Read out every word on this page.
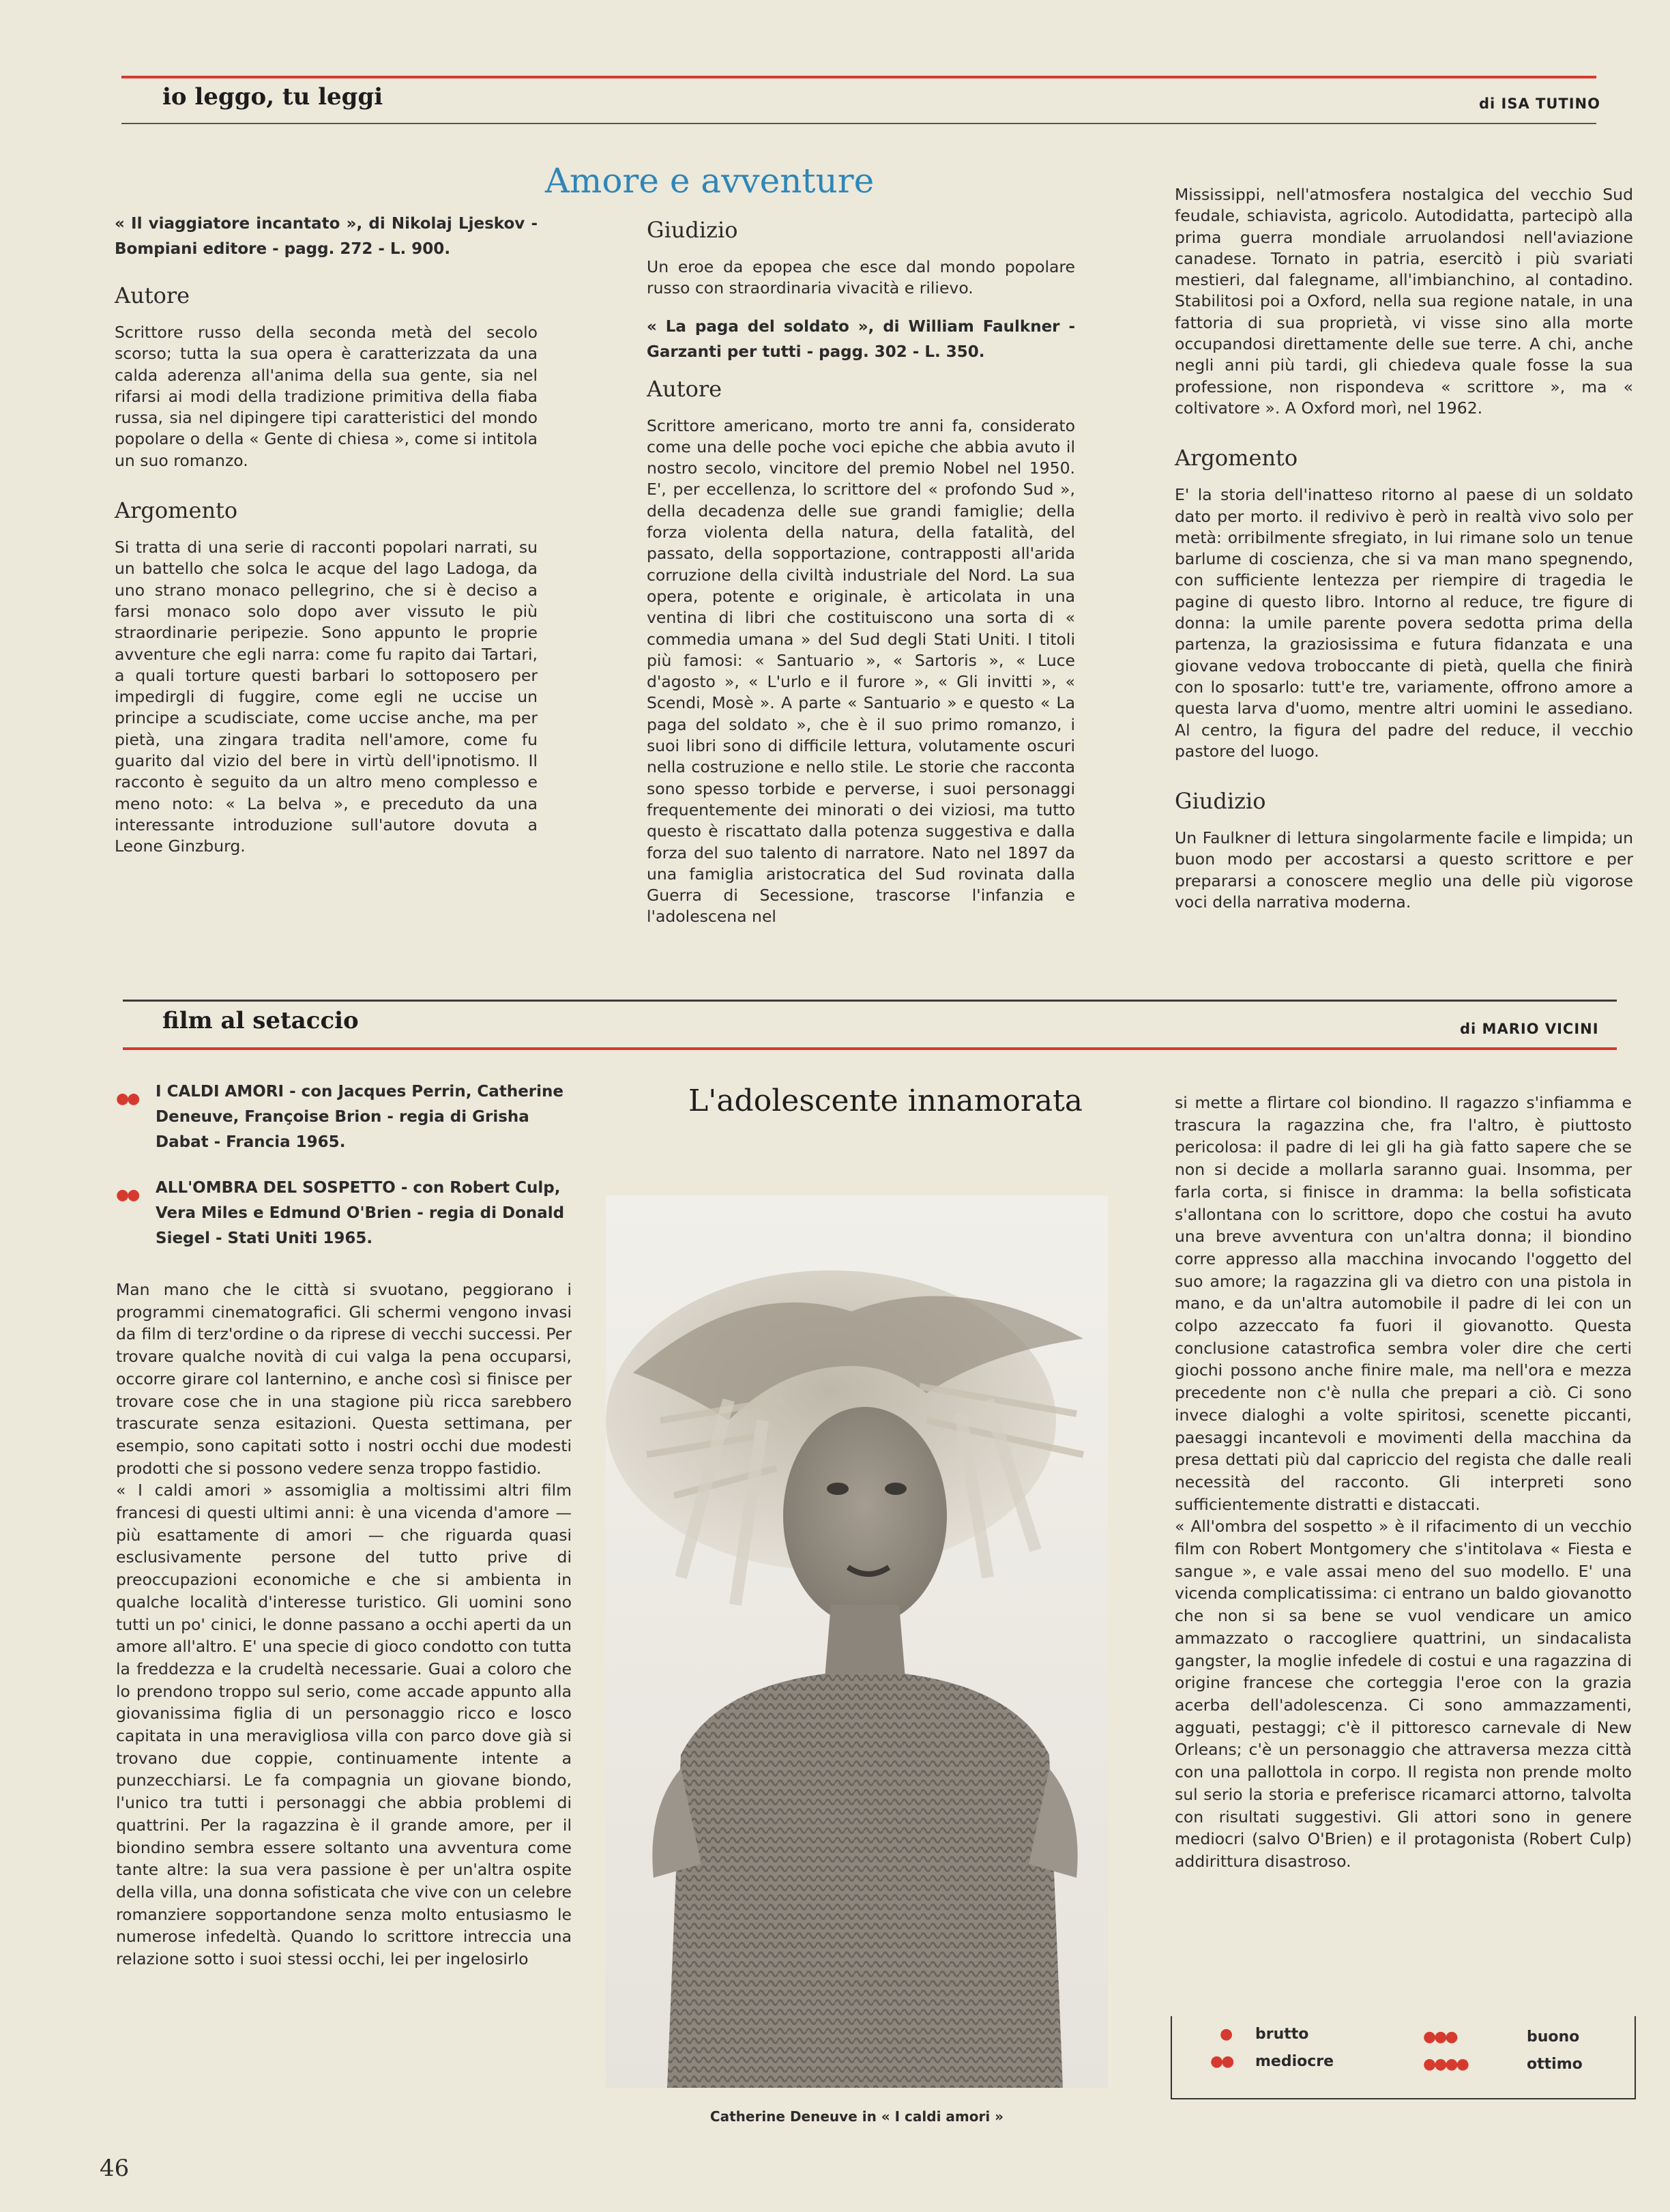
io leggo, tu leggi	di ISA TUTINO
Amore e avventure

« Il viaggiatore incantato », di Nikolaj Ljeskov - Bompiani editore - pagg. 272 - L. 900.

Autore

Scrittore russo della seconda metà del secolo scorso; tutta la sua opera è caratterizzata da una calda aderenza all'anima della sua gente, sia nel rifarsi ai modi della tradizione primitiva della fiaba russa, sia nel dipingere tipi caratteristici del mondo popolare o della « Gente di chiesa », come si intitola un suo romanzo.

Argomento

Si tratta di una serie di racconti popolari narrati, su un battello che solca le acque del lago Ladoga, da uno strano monaco pellegrino, che si è deciso a farsi monaco solo dopo aver vissuto le più straordinarie peripezie. Sono appunto le proprie avventure che egli narra: come fu rapito dai Tartari, a quali torture questi barbari lo sottoposero per impedirgli di fuggire, come egli ne uccise un principe a scudisciate, come uccise anche, ma per pietà, una zingara tradita nell'amore, come fu guarito dal vizio del bere in virtù dell'ipnotismo. Il racconto è seguito da un altro meno complesso e meno noto: « La belva », e preceduto da una interessante introduzione sull'autore dovuta a Leone Ginzburg.

Giudizio

Un eroe da epopea che esce dal mondo popolare russo con straordinaria vivacità e rilievo.

« La paga del soldato », di William Faulkner - Garzanti per tutti - pagg. 302 - L. 350.

Autore

Scrittore americano, morto tre anni fa, considerato come una delle poche voci epiche che abbia avuto il nostro secolo, vincitore del premio Nobel nel 1950. E', per eccellenza, lo scrittore del « profondo Sud », della decadenza delle sue grandi famiglie; della forza violenta della natura, della fatalità, del passato, della sopportazione, contrapposti all'arida corruzione della civiltà industriale del Nord. La sua opera, potente e originale, è articolata in una ventina di libri che costituiscono una sorta di « commedia umana » del Sud degli Stati Uniti. I titoli più famosi: « Santuario », « Sartoris », « Luce d'agosto », « L'urlo e il furore », « Gli invitti », « Scendi, Mosè ». A parte « Santuario » e questo « La paga del soldato », che è il suo primo romanzo, i suoi libri sono di difficile lettura, volutamente oscuri nella costruzione e nello stile. Le storie che racconta sono spesso torbide e perverse, i suoi personaggi frequentemente dei minorati o dei viziosi, ma tutto questo è riscattato dalla potenza suggestiva e dalla forza del suo talento di narratore. Nato nel 1897 da una famiglia aristocratica del Sud rovinata dalla Guerra di Secessione, trascorse l'infanzia e l'adolescena nel

Mississippi, nell'atmosfera nostalgica del vecchio Sud feudale, schiavista, agricolo. Autodidatta, partecipò alla prima guerra mondiale arruolandosi nell'aviazione canadese. Tornato in patria, esercitò i più svariati mestieri, dal falegname, all'imbianchino, al contadino. Stabilitosi poi a Oxford, nella sua regione natale, in una fattoria di sua proprietà, vi visse sino alla morte occupandosi direttamente delle sue terre. A chi, anche negli anni più tardi, gli chiedeva quale fosse la sua professione, non rispondeva « scrittore », ma « coltivatore ». A Oxford morì, nel 1962.

Argomento

E' la storia dell'inatteso ritorno al paese di un soldato dato per morto. il redivivo è però in realtà vivo solo per metà: orribilmente sfregiato, in lui rimane solo un tenue barlume di coscienza, che si va man mano spegnendo, con sufficiente lentezza per riempire di tragedia le pagine di questo libro. Intorno al reduce, tre figure di donna: la umile parente povera sedotta prima della partenza, la graziosissima e futura fidanzata e una giovane vedova troboccante di pietà, quella che finirà con lo sposarlo: tutt'e tre, variamente, offrono amore a questa larva d'uomo, mentre altri uomini le assediano. Al centro, la figura del padre del reduce, il vecchio pastore del luogo.

Giudizio

Un Faulkner di lettura singolarmente facile e limpida; un buon modo per accostarsi a questo scrittore e per prepararsi a conoscere meglio una delle più vigorose voci della narrativa moderna.

film al setaccio	di MARIO VICINI
●● I CALDI AMORI - con Jacques Perrin, Catherine Deneuve, Françoise Brion - regia di Grisha Dabat - Francia 1965.
●● ALL'OMBRA DEL SOSPETTO - con Robert Culp, Vera Miles e Edmund O'Brien - regia di Donald Siegel - Stati Uniti 1965.

Man mano che le città si svuotano, peggiorano i programmi cinematografici. Gli schermi vengono invasi da film di terz'ordine o da riprese di vecchi successi. Per trovare qualche novità di cui valga la pena occuparsi, occorre girare col lanternino, e anche così si finisce per trovare cose che in una stagione più ricca sarebbero trascurate senza esitazioni. Questa settimana, per esempio, sono capitati sotto i nostri occhi due modesti prodotti che si possono vedere senza troppo fastidio.
« I caldi amori » assomiglia a moltissimi altri film francesi di questi ultimi anni: è una vicenda d'amore — più esattamente di amori — che riguarda quasi esclusivamente persone del tutto prive di preoccupazioni economiche e che si ambienta in qualche località d'interesse turistico. Gli uomini sono tutti un po' cinici, le donne passano a occhi aperti da un amore all'altro. E' una specie di gioco condotto con tutta la freddezza e la crudeltà necessarie. Guai a coloro che lo prendono troppo sul serio, come accade appunto alla giovanissima figlia di un personaggio ricco e losco capitata in una meravigliosa villa con parco dove già si trovano due coppie, continuamente intente a punzecchiarsi. Le fa compagnia un giovane biondo, l'unico tra tutti i personaggi che abbia problemi di quattrini. Per la ragazzina è il grande amore, per il biondino sembra essere soltanto una avventura come tante altre: la sua vera passione è per un'altra ospite della villa, una donna sofisticata che vive con un celebre romanziere sopportandone senza molto entusiasmo le numerose infedeltà. Quando lo scrittore intreccia una relazione sotto i suoi stessi occhi, lei per ingelosirlo

L'adolescente innamorata
Catherine Deneuve in « I caldi amori »

si mette a flirtare col biondino. Il ragazzo s'infiamma e trascura la ragazzina che, fra l'altro, è piuttosto pericolosa: il padre di lei gli ha già fatto sapere che se non si decide a mollarla saranno guai. Insomma, per farla corta, si finisce in dramma: la bella sofisticata s'allontana con lo scrittore, dopo che costui ha avuto una breve avventura con un'altra donna; il biondino corre appresso alla macchina invocando l'oggetto del suo amore; la ragazzina gli va dietro con una pistola in mano, e da un'altra automobile il padre di lei con un colpo azzeccato fa fuori il giovanotto. Questa conclusione catastrofica sembra voler dire che certi giochi possono anche finire male, ma nell'ora e mezza precedente non c'è nulla che prepari a ciò. Ci sono invece dialoghi a volte spiritosi, scenette piccanti, paesaggi incantevoli e movimenti della macchina da presa dettati più dal capriccio del regista che dalle reali necessità del racconto. Gli interpreti sono sufficientemente distratti e distaccati.
« All'ombra del sospetto » è il rifacimento di un vecchio film con Robert Montgomery che s'intitolava « Fiesta e sangue », e vale assai meno del suo modello. E' una vicenda complicatissima: ci entrano un baldo giovanotto che non si sa bene se vuol vendicare un amico ammazzato o raccogliere quattrini, un sindacalista gangster, la moglie infedele di costui e una ragazzina di origine francese che corteggia l'eroe con la grazia acerba dell'adolescenza. Ci sono ammazzamenti, agguati, pestaggi; c'è il pittoresco carnevale di New Orleans; c'è un personaggio che attraversa mezza città con una pallottola in corpo. Il regista non prende molto sul serio la storia e preferisce ricamarci attorno, talvolta con risultati suggestivi. Gli attori sono in genere mediocri (salvo O'Brien) e il protagonista (Robert Culp) addirittura disastroso.

● brutto
●● mediocre
●●●	buono
●●●●	ottimo
46
